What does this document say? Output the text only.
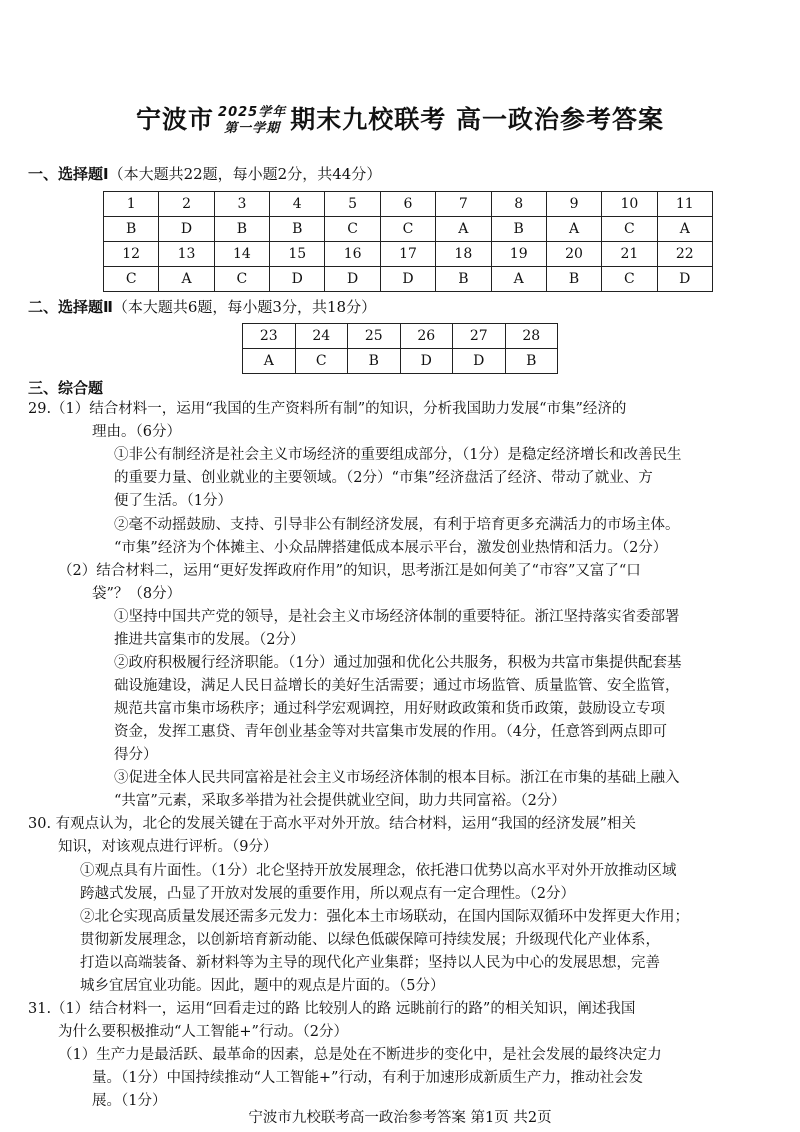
宁波市 2025学年
第一学期 期末九校联考 高一政治参考答案
一、选择题Ⅰ（本大题共22题，每小题2分，共44分）
1	2	3	4	5	6	7	8	9	10	11
B	D	B	B	C	C	A	B	A	C	A
12	13	14	15	16	17	18	19	20	21	22
C	A	C	D	D	D	B	A	B	C	D
二、选择题Ⅱ（本大题共6题，每小题3分，共18分）
23	24	25	26	27	28
A	C	B	D	D	B
三、综合题
29.（1）结合材料一，运用“我国的生产资料所有制”的知识，分析我国助力发展“市集”经济的
理由。（6分）
①非公有制经济是社会主义市场经济的重要组成部分，（1分）是稳定经济增长和改善民生
的重要力量、创业就业的主要领域。（2分）“市集”经济盘活了经济、带动了就业、方
便了生活。（1分）
②毫不动摇鼓励、支持、引导非公有制经济发展，有利于培育更多充满活力的市场主体。
“市集”经济为个体摊主、小众品牌搭建低成本展示平台，激发创业热情和活力。（2分）
（2）结合材料二，运用“更好发挥政府作用”的知识，思考浙江是如何美了“市容”又富了“口
袋”？（8分）
①坚持中国共产党的领导，是社会主义市场经济体制的重要特征。浙江坚持落实省委部署
推进共富集市的发展。（2分）
②政府积极履行经济职能。（1分）通过加强和优化公共服务，积极为共富市集提供配套基
础设施建设，满足人民日益增长的美好生活需要；通过市场监管、质量监管、安全监管，
规范共富市集市场秩序；通过科学宏观调控，用好财政政策和货币政策，鼓励设立专项
资金，发挥工惠贷、青年创业基金等对共富集市发展的作用。（4分，任意答到两点即可
得分）
③促进全体人民共同富裕是社会主义市场经济体制的根本目标。浙江在市集的基础上融入
“共富”元素，采取多举措为社会提供就业空间，助力共同富裕。（2分）
30. 有观点认为，北仑的发展关键在于高水平对外开放。结合材料，运用“我国的经济发展”相关
知识，对该观点进行评析。（9分）
①观点具有片面性。（1分）北仑坚持开放发展理念，依托港口优势以高水平对外开放推动区域
跨越式发展，凸显了开放对发展的重要作用，所以观点有一定合理性。（2分）
②北仑实现高质量发展还需多元发力：强化本土市场联动，在国内国际双循环中发挥更大作用；
贯彻新发展理念，以创新培育新动能、以绿色低碳保障可持续发展；升级现代化产业体系，
打造以高端装备、新材料等为主导的现代化产业集群；坚持以人民为中心的发展思想，完善
城乡宜居宜业功能。因此，题中的观点是片面的。（5分）
31.（1）结合材料一，运用“回看走过的路 比较别人的路 远眺前行的路”的相关知识，阐述我国
为什么要积极推动“人工智能+”行动。（2分）
（1）生产力是最活跃、最革命的因素，总是处在不断进步的变化中，是社会发展的最终决定力
量。（1分）中国持续推动“人工智能+”行动，有利于加速形成新质生产力，推动社会发
展。（1分）
宁波市九校联考高一政治参考答案 第1页 共2页
